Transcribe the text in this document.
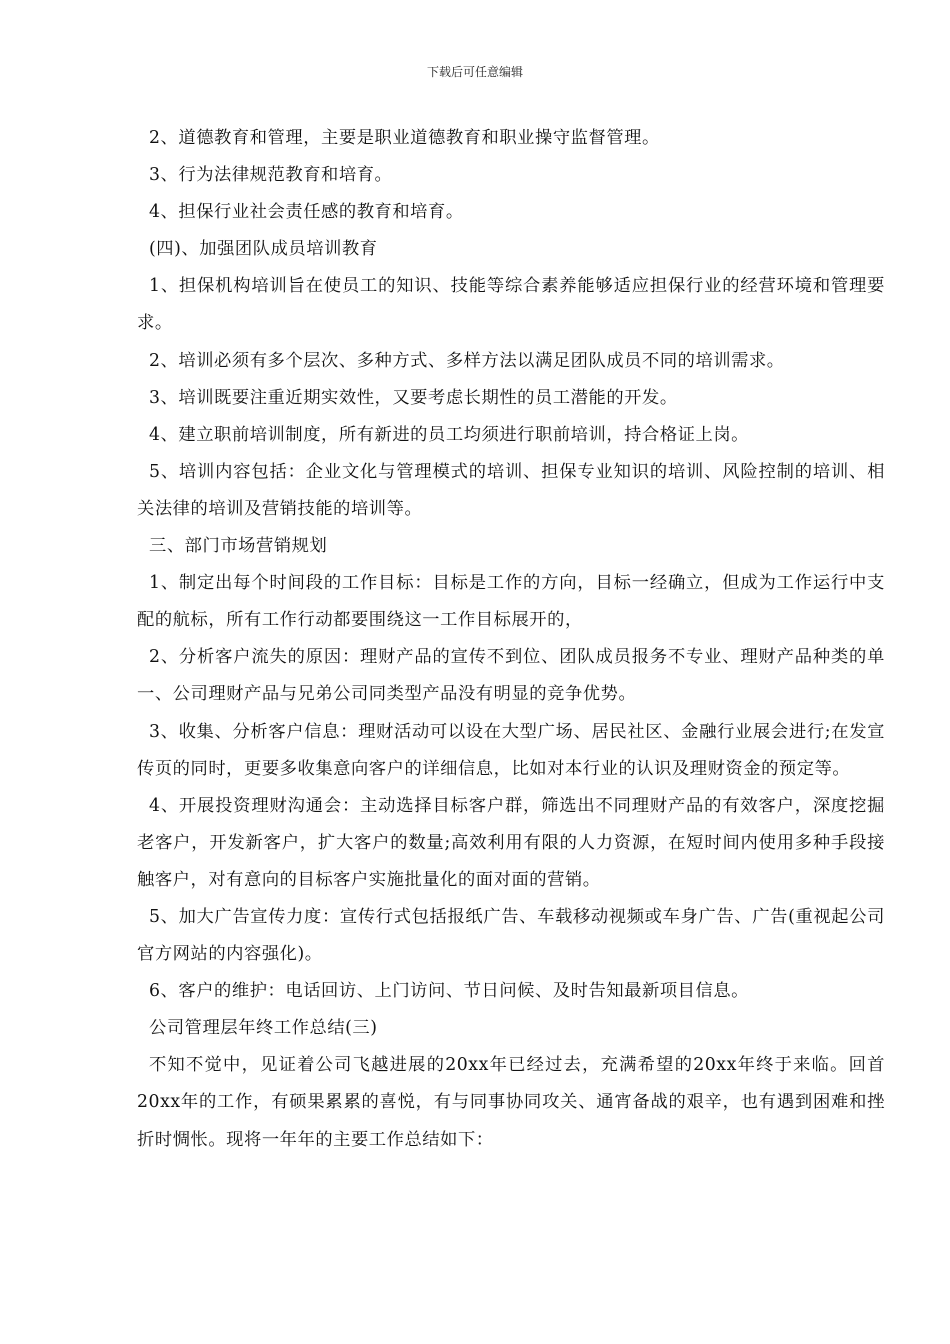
下载后可任意编辑

2、道德教育和管理，主要是职业道德教育和职业操守监督管理。

3、行为法律规范教育和培育。

4、担保行业社会责任感的教育和培育。

(四)、加强团队成员培训教育

1、担保机构培训旨在使员工的知识、技能等综合素养能够适应担保行业的经营环境和管理要求。

2、培训必须有多个层次、多种方式、多样方法以满足团队成员不同的培训需求。

3、培训既要注重近期实效性，又要考虑长期性的员工潜能的开发。

4、建立职前培训制度，所有新进的员工均须进行职前培训，持合格证上岗。

5、培训内容包括：企业文化与管理模式的培训、担保专业知识的培训、风险控制的培训、相关法律的培训及营销技能的培训等。

三、部门市场营销规划

1、制定出每个时间段的工作目标：目标是工作的方向，目标一经确立，但成为工作运行中支配的航标，所有工作行动都要围绕这一工作目标展开的，

2、分析客户流失的原因：理财产品的宣传不到位、团队成员报务不专业、理财产品种类的单一、公司理财产品与兄弟公司同类型产品没有明显的竞争优势。

3、收集、分析客户信息：理财活动可以设在大型广场、居民社区、金融行业展会进行;在发宣传页的同时，更要多收集意向客户的详细信息，比如对本行业的认识及理财资金的预定等。

4、开展投资理财沟通会：主动选择目标客户群，筛选出不同理财产品的有效客户，深度挖掘老客户，开发新客户，扩大客户的数量;高效利用有限的人力资源，在短时间内使用多种手段接触客户，对有意向的目标客户实施批量化的面对面的营销。

5、加大广告宣传力度：宣传行式包括报纸广告、车载移动视频或车身广告、广告(重视起公司官方网站的内容强化)。

6、客户的维护：电话回访、上门访问、节日问候、及时告知最新项目信息。

公司管理层年终工作总结(三)

不知不觉中，见证着公司飞越进展的20xx年已经过去，充满希望的20xx年终于来临。回首20xx年的工作，有硕果累累的喜悦，有与同事协同攻关、通宵备战的艰辛，也有遇到困难和挫折时惆怅。现将一年年的主要工作总结如下：
